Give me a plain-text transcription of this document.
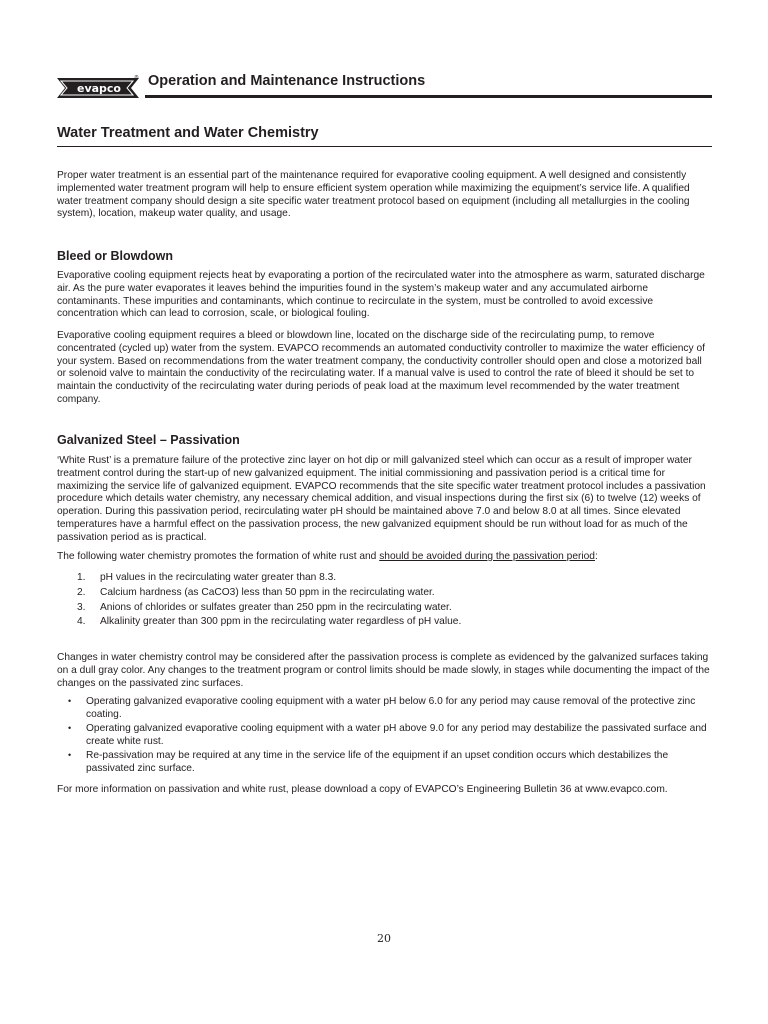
evapco
® Operation and Maintenance Instructions
Water Treatment and Water Chemistry

Proper water treatment is an essential part of the maintenance required for evaporative cooling equipment. A well designed and consistently implemented water treatment program will help to ensure efficient system operation while maximizing the equipment’s service life. A qualified water treatment company should design a site specific water treatment protocol based on equipment (including all metallurgies in the cooling system), location, makeup water quality, and usage.

Bleed or Blowdown

Evaporative cooling equipment rejects heat by evaporating a portion of the recirculated water into the atmosphere as warm, saturated discharge air. As the pure water evaporates it leaves behind the impurities found in the system’s makeup water and any accumulated airborne contaminants. These impurities and contaminants, which continue to recirculate in the system, must be controlled to avoid excessive concentration which can lead to corrosion, scale, or biological fouling.

Evaporative cooling equipment requires a bleed or blowdown line, located on the discharge side of the recirculating pump, to remove concentrated (cycled up) water from the system. EVAPCO recommends an automated conductivity controller to maximize the water efficiency of your system. Based on recommendations from the water treatment company, the conductivity controller should open and close a motorized ball or solenoid valve to maintain the conductivity of the recirculating water. If a manual valve is used to control the rate of bleed it should be set to maintain the conductivity of the recirculating water during periods of peak load at the maximum level recommended by the water treatment company.

Galvanized Steel – Passivation

‘White Rust’ is a premature failure of the protective zinc layer on hot dip or mill galvanized steel which can occur as a result of improper water treatment control during the start-up of new galvanized equipment. The initial commissioning and passivation period is a critical time for maximizing the service life of galvanized equipment. EVAPCO recommends that the site specific water treatment protocol includes a passivation procedure which details water chemistry, any necessary chemical addition, and visual inspections during the first six (6) to twelve (12) weeks of operation. During this passivation period, recirculating water pH should be maintained above 7.0 and below 8.0 at all times. Since elevated temperatures have a harmful effect on the passivation process, the new galvanized equipment should be run without load for as much of the passivation period as is practical.

The following water chemistry promotes the formation of white rust and should be avoided during the passivation period:

1. pH values in the recirculating water greater than 8.3.
2. Calcium hardness (as CaCO3) less than 50 ppm in the recirculating water.
3. Anions of chlorides or sulfates greater than 250 ppm in the recirculating water.
4. Alkalinity greater than 300 ppm in the recirculating water regardless of pH value.

Changes in water chemistry control may be considered after the passivation process is complete as evidenced by the galvanized surfaces taking on a dull gray color. Any changes to the treatment program or control limits should be made slowly, in stages while documenting the impact of the changes on the passivated zinc surfaces.

• Operating galvanized evaporative cooling equipment with a water pH below 6.0 for any period may cause removal of the protective zinc coating.
• Operating galvanized evaporative cooling equipment with a water pH above 9.0 for any period may destabilize the passivated surface and create white rust.
• Re-passivation may be required at any time in the service life of the equipment if an upset condition occurs which destabilizes the passivated zinc surface.

For more information on passivation and white rust, please download a copy of EVAPCO’s Engineering Bulletin 36 at www.evapco.com.

20
